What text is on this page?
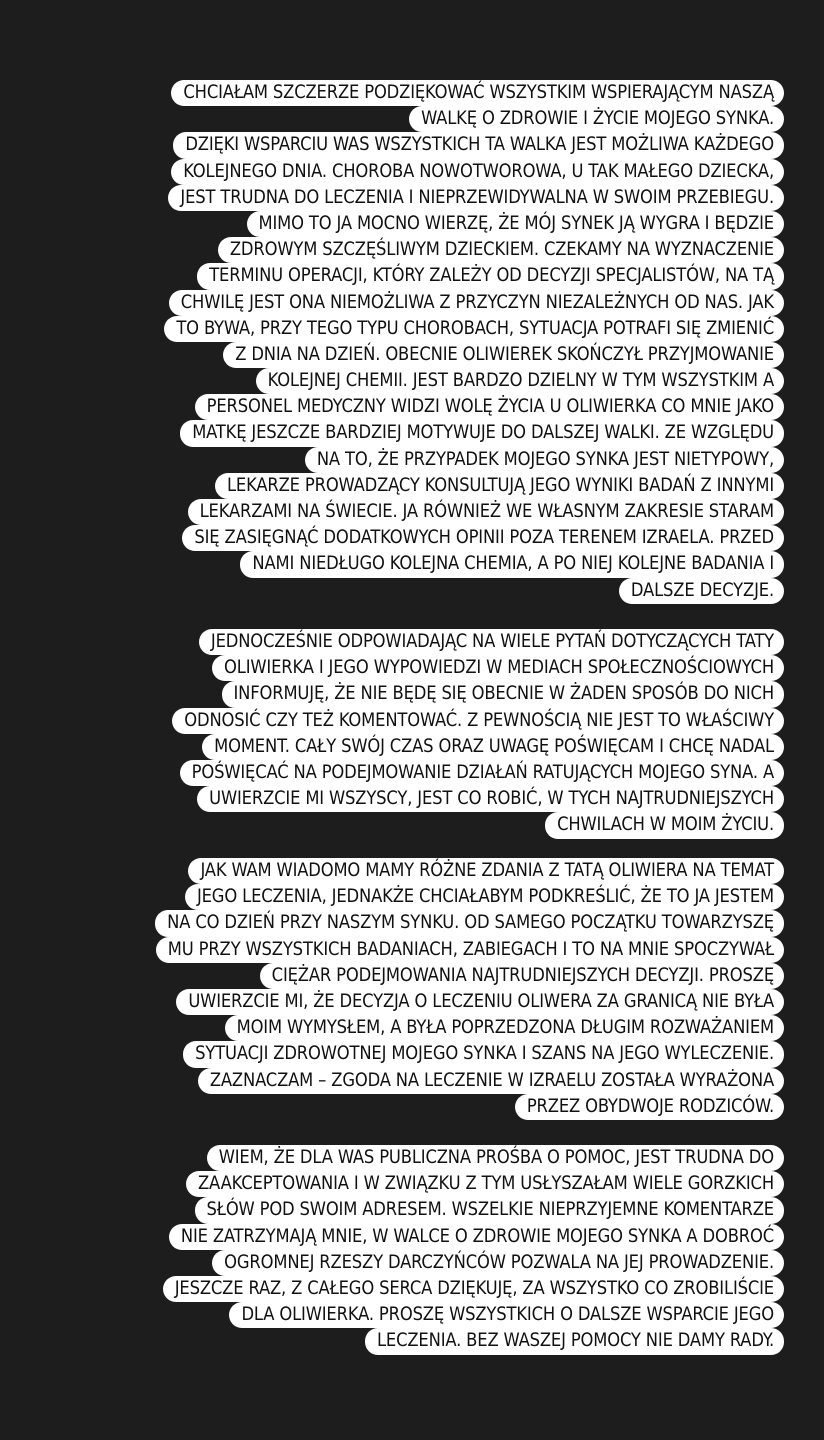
CHCIAŁAM SZCZERZE PODZIĘKOWAĆ WSZYSTKIM WSPIERAJĄCYM NASZĄ
WALKĘ O ZDROWIE I ŻYCIE MOJEGO SYNKA.
DZIĘKI WSPARCIU WAS WSZYSTKICH TA WALKA JEST MOŻLIWA KAŻDEGO
KOLEJNEGO DNIA. CHOROBA NOWOTWOROWA, U TAK MAŁEGO DZIECKA,
JEST TRUDNA DO LECZENIA I NIEPRZEWIDYWALNA W SWOIM PRZEBIEGU.
MIMO TO JA MOCNO WIERZĘ, ŻE MÓJ SYNEK JĄ WYGRA I BĘDZIE
ZDROWYM SZCZĘŚLIWYM DZIECKIEM. CZEKAMY NA WYZNACZENIE
TERMINU OPERACJI, KTÓRY ZALEŻY OD DECYZJI SPECJALISTÓW, NA TĄ
CHWILĘ JEST ONA NIEMOŻLIWA Z PRZYCZYN NIEZALEŻNYCH OD NAS. JAK
TO BYWA, PRZY TEGO TYPU CHOROBACH, SYTUACJA POTRAFI SIĘ ZMIENIĆ
Z DNIA NA DZIEŃ. OBECNIE OLIWIEREK SKOŃCZYŁ PRZYJMOWANIE
KOLEJNEJ CHEMII. JEST BARDZO DZIELNY W TYM WSZYSTKIM A
PERSONEL MEDYCZNY WIDZI WOLĘ ŻYCIA U OLIWIERKA CO MNIE JAKO
MATKĘ JESZCZE BARDZIEJ MOTYWUJE DO DALSZEJ WALKI. ZE WZGLĘDU
NA TO, ŻE PRZYPADEK MOJEGO SYNKA JEST NIETYPOWY,
LEKARZE PROWADZĄCY KONSULTUJĄ JEGO WYNIKI BADAŃ Z INNYMI
LEKARZAMI NA ŚWIECIE. JA RÓWNIEŻ WE WŁASNYM ZAKRESIE STARAM
SIĘ ZASIĘGNĄĆ DODATKOWYCH OPINII POZA TERENEM IZRAELA. PRZED
NAMI NIEDŁUGO KOLEJNA CHEMIA, A PO NIEJ KOLEJNE BADANIA I
DALSZE DECYZJE.
JEDNOCZEŚNIE ODPOWIADAJĄC NA WIELE PYTAŃ DOTYCZĄCYCH TATY
OLIWIERKA I JEGO WYPOWIEDZI W MEDIACH SPOŁECZNOŚCIOWYCH
INFORMUJĘ, ŻE NIE BĘDĘ SIĘ OBECNIE W ŻADEN SPOSÓB DO NICH
ODNOSIĆ CZY TEŻ KOMENTOWAĆ. Z PEWNOŚCIĄ NIE JEST TO WŁAŚCIWY
MOMENT. CAŁY SWÓJ CZAS ORAZ UWAGĘ POŚWIĘCAM I CHCĘ NADAL
POŚWIĘCAĆ NA PODEJMOWANIE DZIAŁAŃ RATUJĄCYCH MOJEGO SYNA. A
UWIERZCIE MI WSZYSCY, JEST CO ROBIĆ, W TYCH NAJTRUDNIEJSZYCH
CHWILACH W MOIM ŻYCIU.
JAK WAM WIADOMO MAMY RÓŻNE ZDANIA Z TATĄ OLIWIERA NA TEMAT
JEGO LECZENIA, JEDNAKŻE CHCIAŁABYM PODKREŚLIĆ, ŻE TO JA JESTEM
NA CO DZIEŃ PRZY NASZYM SYNKU. OD SAMEGO POCZĄTKU TOWARZYSZĘ
MU PRZY WSZYSTKICH BADANIACH, ZABIEGACH I TO NA MNIE SPOCZYWAŁ
CIĘŻAR PODEJMOWANIA NAJTRUDNIEJSZYCH DECYZJI. PROSZĘ
UWIERZCIE MI, ŻE DECYZJA O LECZENIU OLIWERA ZA GRANICĄ NIE BYŁA
MOIM WYMYSŁEM, A BYŁA POPRZEDZONA DŁUGIM ROZWAŻANIEM
SYTUACJI ZDROWOTNEJ MOJEGO SYNKA I SZANS NA JEGO WYLECZENIE.
ZAZNACZAM – ZGODA NA LECZENIE W IZRAELU ZOSTAŁA WYRAŻONA
PRZEZ OBYDWOJE RODZICÓW.
WIEM, ŻE DLA WAS PUBLICZNA PROŚBA O POMOC, JEST TRUDNA DO
ZAAKCEPTOWANIA I W ZWIĄZKU Z TYM USŁYSZAŁAM WIELE GORZKICH
SŁÓW POD SWOIM ADRESEM. WSZELKIE NIEPRZYJEMNE KOMENTARZE
NIE ZATRZYMAJĄ MNIE, W WALCE O ZDROWIE MOJEGO SYNKA A DOBROĆ
OGROMNEJ RZESZY DARCZYŃCÓW POZWALA NA JEJ PROWADZENIE.
JESZCZE RAZ, Z CAŁEGO SERCA DZIĘKUJĘ, ZA WSZYSTKO CO ZROBILIŚCIE
DLA OLIWIERKA. PROSZĘ WSZYSTKICH O DALSZE WSPARCIE JEGO
LECZENIA. BEZ WASZEJ POMOCY NIE DAMY RADY.
